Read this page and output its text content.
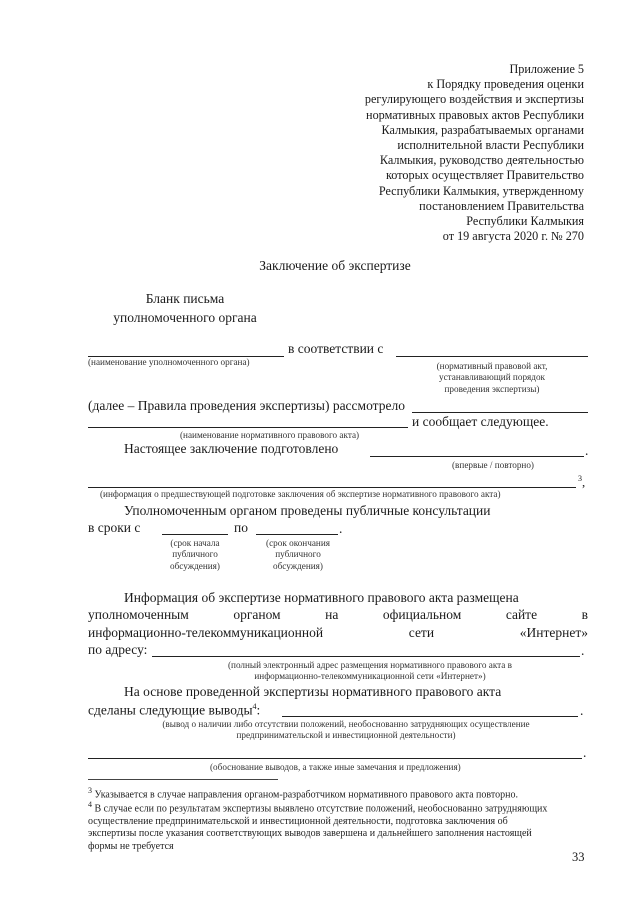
Приложение 5
к Порядку проведения оценки
регулирующего воздействия и экспертизы
нормативных правовых актов Республики
Калмыкия, разрабатываемых органами
исполнительной власти Республики
Калмыкия, руководство деятельностью
которых осуществляет Правительство
Республики Калмыкия, утвержденному
постановлением Правительства
Республики Калмыкия
от 19 августа 2020 г. № 270
Заключение об экспертизе
Бланк письма
уполномоченного органа
в соответствии с
(наименование уполномоченного органа)	(нормативный правовой акт,
устанавливающий порядок
проведения экспертизы)
(далее – Правила проведения экспертизы) рассмотрело
и сообщает следующее.
(наименование нормативного правового акта)
Настоящее заключение подготовлено	.
(впервые / повторно)
$^3$,
(информация о предшествующей подготовке заключения об экспертизе нормативного правового акта)
Уполномоченным органом проведены публичные консультации
в сроки с	по	.
(срок начала
публичного
обсуждения)
(срок окончания
публичного
обсуждения)
Информация об экспертизе нормативного правового акта размещена
уполномоченным	органом	на	официальном	сайте	в
информационно-телекоммуникационной	сети	«Интернет»
по адресу:	.
(полный электронный адрес размещения нормативного правового акта в
информационно-телекоммуникационной сети «Интернет»)
На основе проведенной экспертизы нормативного правового акта
сделаны следующие выводы$^4$:	.
(вывод о наличии либо отсутствии положений, необоснованно затрудняющих осуществление
предпринимательской и инвестиционной деятельности)
.
(обоснование выводов, а также иные замечания и предложения)
$^3$ Указывается в случае направления органом-разработчиком нормативного правового акта повторно.
$^4$ В случае если по результатам экспертизы выявлено отсутствие положений, необоснованно затрудняющих
осуществление предпринимательской и инвестиционной деятельности, подготовка заключения об
экспертизы после указания соответствующих выводов завершена и дальнейшего заполнения настоящей
формы не требуется
33
